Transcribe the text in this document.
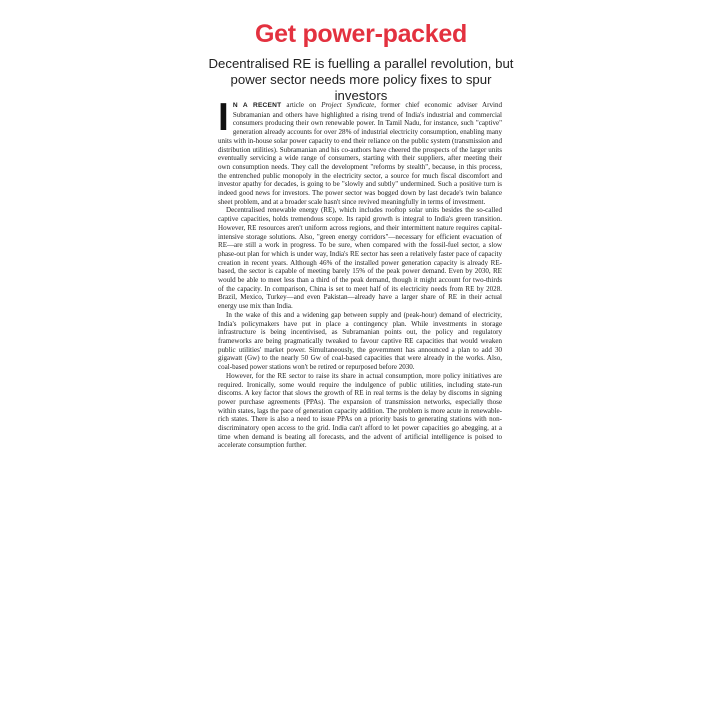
Get power-packed
Decentralised RE is fuelling a parallel revolution, but power sector needs more policy fixes to spur investors

I N A RECENT article on Project Syndicate, former chief economic adviser Arvind Subramanian and others have highlighted a rising trend of India's industrial and commercial consumers producing their own renewable power. In Tamil Nadu, for instance, such "captive" generation already accounts for over 28% of industrial electricity consumption, enabling many units with in-house solar power capacity to end their reliance on the public system (transmission and distribution utilities). Subramanian and his co-authors have cheered the prospects of the larger units eventually servicing a wide range of consumers, starting with their suppliers, after meeting their own consumption needs. They call the development "reforms by stealth", because, in this process, the entrenched public monopoly in the electricity sector, a source for much fiscal discomfort and investor apathy for decades, is going to be "slowly and subtly" undermined. Such a positive turn is indeed good news for investors. The power sector was bogged down by last decade's twin balance sheet problem, and at a broader scale hasn't since revived meaningfully in terms of investment.

Decentralised renewable energy (RE), which includes rooftop solar units besides the so-called captive capacities, holds tremendous scope. Its rapid growth is integral to India's green transition. However, RE resources aren't uniform across regions, and their intermittent nature requires capital-intensive storage solutions. Also, "green energy corridors"—necessary for efficient evacuation of RE—are still a work in progress. To be sure, when compared with the fossil-fuel sector, a slow phase-out plan for which is under way, India's RE sector has seen a relatively faster pace of capacity creation in recent years. Although 46% of the installed power generation capacity is already RE-based, the sector is capable of meeting barely 15% of the peak power demand. Even by 2030, RE would be able to meet less than a third of the peak demand, though it might account for two-thirds of the capacity. In comparison, China is set to meet half of its electricity needs from RE by 2028. Brazil, Mexico, Turkey—and even Pakistan—already have a larger share of RE in their actual energy use mix than India.

In the wake of this and a widening gap between supply and (peak-hour) demand of electricity, India's policymakers have put in place a contingency plan. While investments in storage infrastructure is being incentivised, as Subramanian points out, the policy and regulatory frameworks are being pragmatically tweaked to favour captive RE capacities that would weaken public utilities' market power. Simultaneously, the government has announced a plan to add 30 gigawatt (Gw) to the nearly 50 Gw of coal-based capacities that were already in the works. Also, coal-based power stations won't be retired or repurposed before 2030.

However, for the RE sector to raise its share in actual consumption, more policy initiatives are required. Ironically, some would require the indulgence of public utilities, including state-run discoms. A key factor that slows the growth of RE in real terms is the delay by discoms in signing power purchase agreements (PPAs). The expansion of transmission networks, especially those within states, lags the pace of generation capacity addition. The problem is more acute in renewable-rich states. There is also a need to issue PPAs on a priority basis to generating stations with non-discriminatory open access to the grid. India can't afford to let power capacities go abegging, at a time when demand is beating all forecasts, and the advent of artificial intelligence is poised to accelerate consumption further.
